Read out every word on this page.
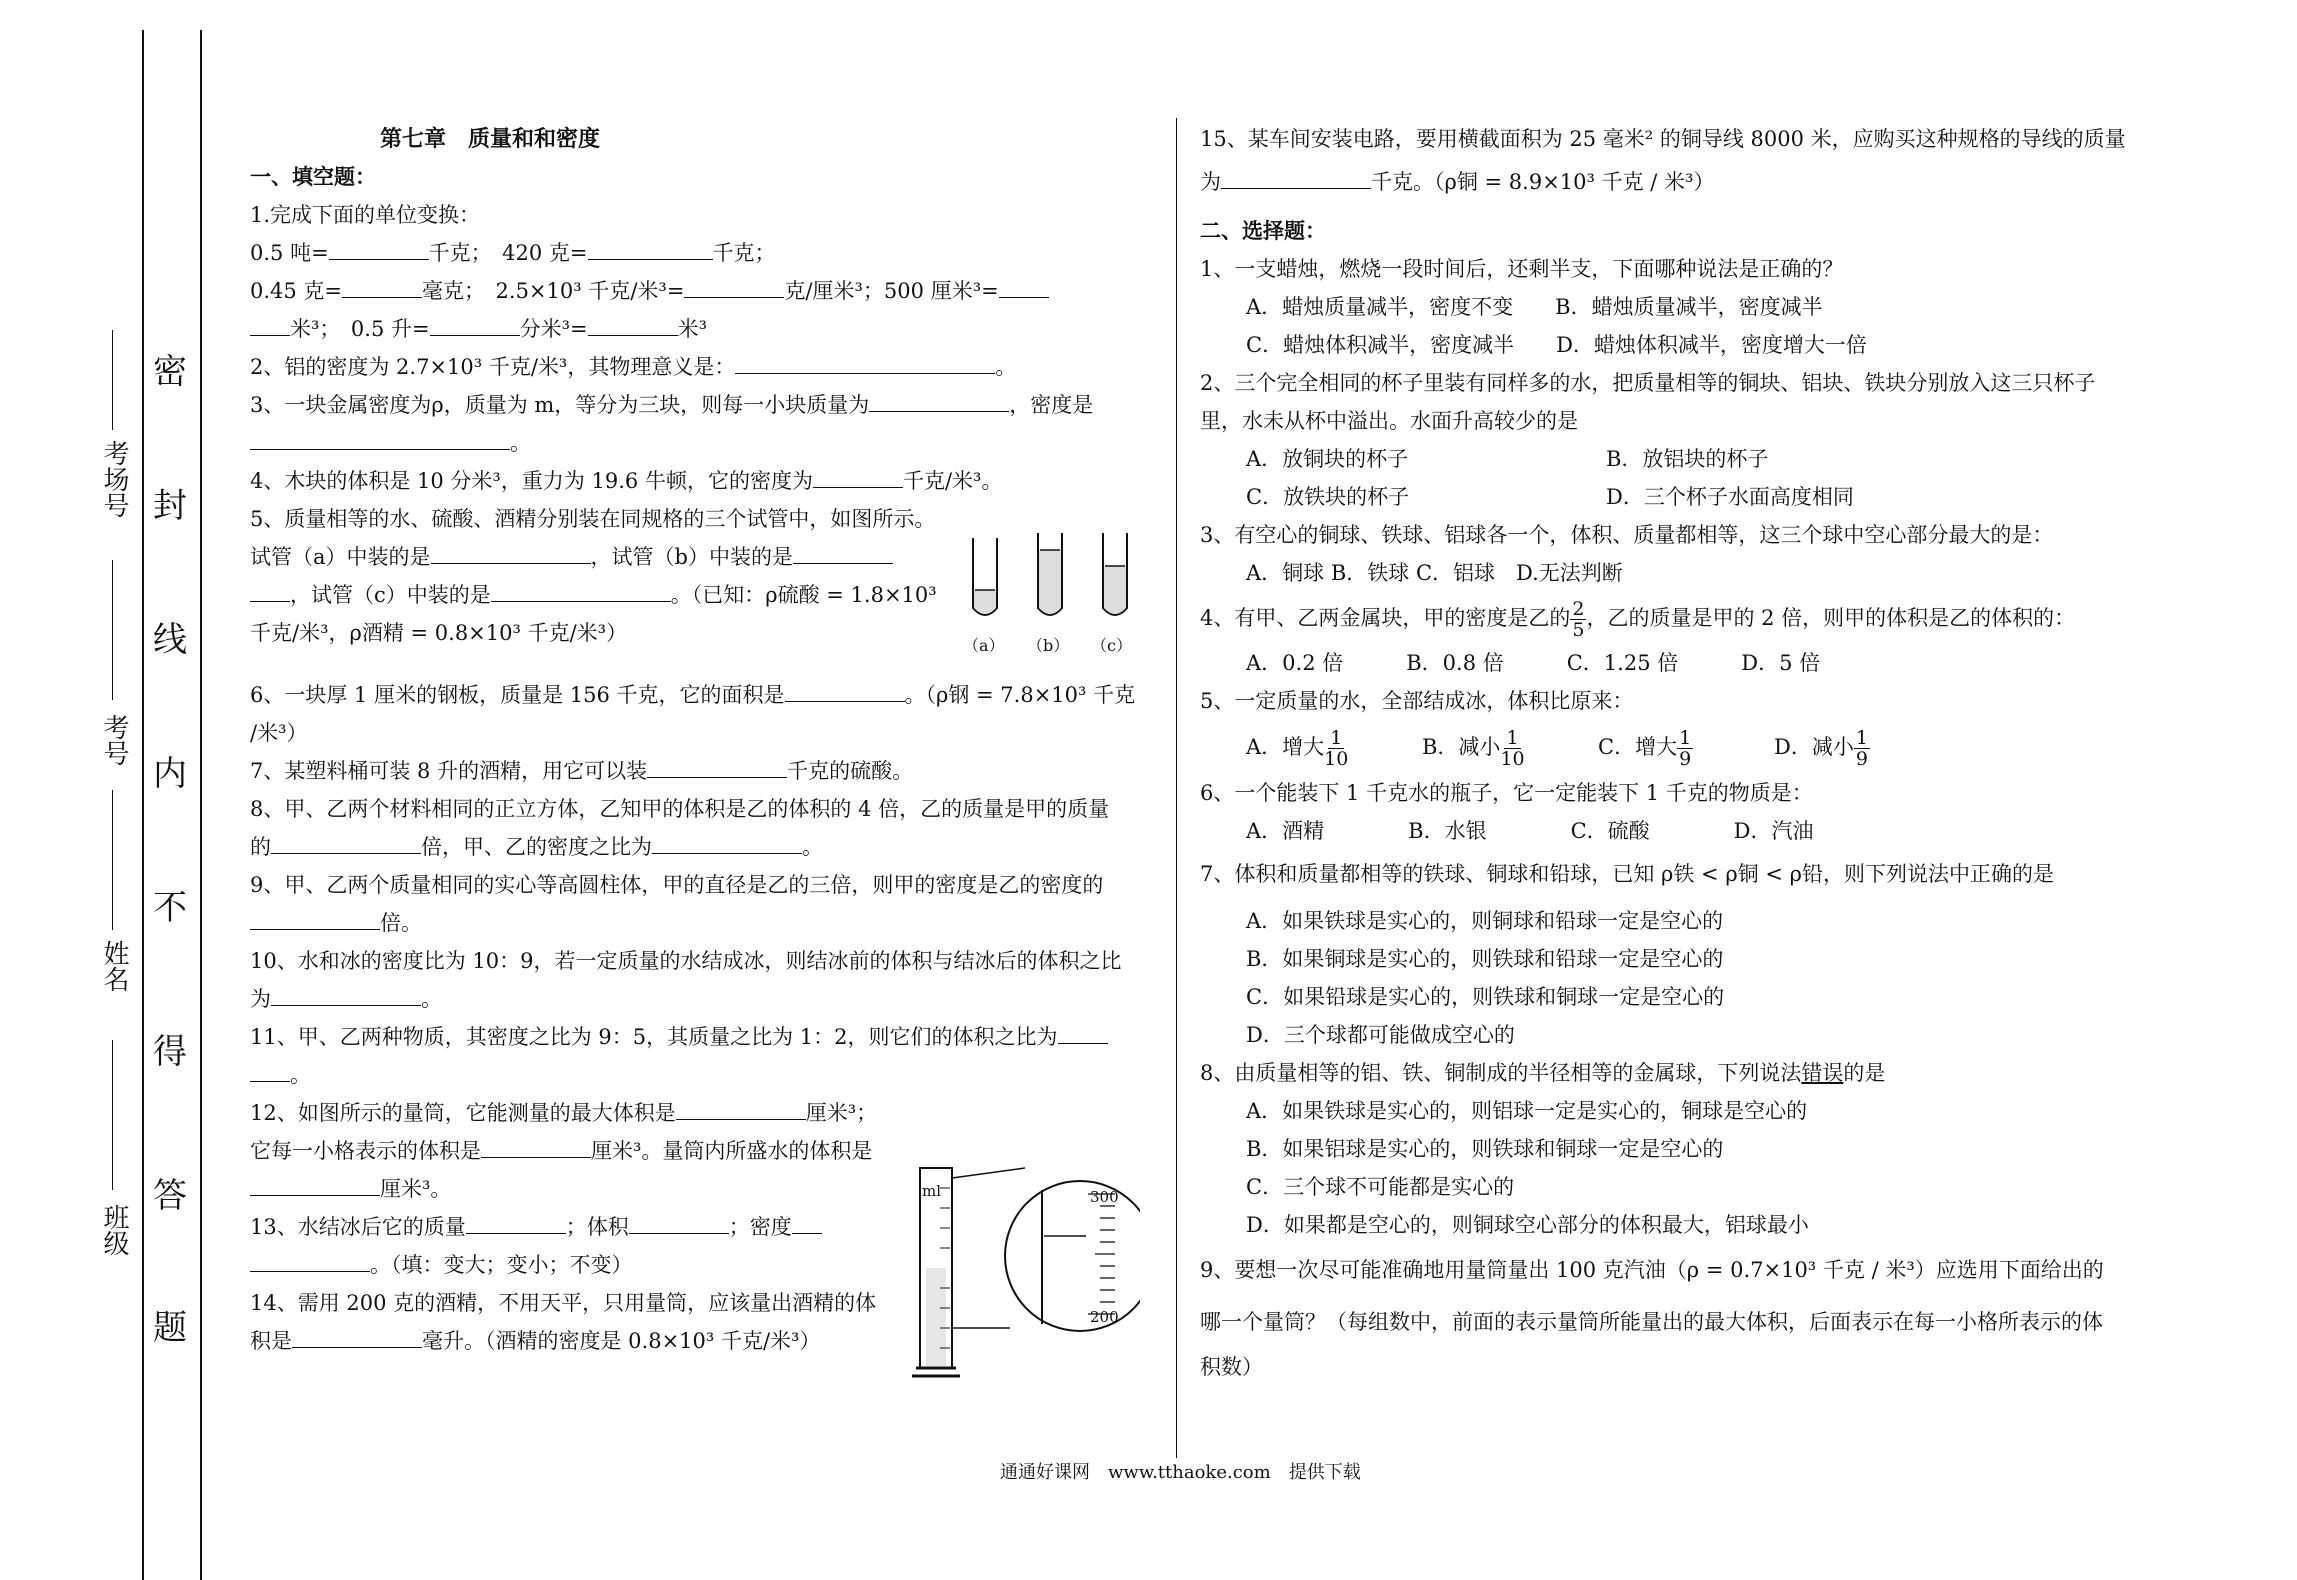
考场号
考号
姓名
班级
密
封
线
内
不
得
答
题

第七章　质量和和密度

一、填空题：

1.完成下面的单位变换：

0.5 吨=	千克；　420 克=	千克；

0.45 克=	毫克；　2.5×10³ 千克/米³=	克/厘米³；500 厘米³=

米³；　0.5 升=	分米³=	米³

2、铝的密度为 2.7×10³ 千克/米³，其物理意义是：	。

3、一块金属密度为ρ，质量为 m，等分为三块，则每一小块质量为	，密度是

。

4、木块的体积是 10 分米³，重力为 19.6 牛顿，它的密度为	千克/米³。

5、质量相等的水、硫酸、酒精分别装在同规格的三个试管中，如图所示。

试管（a）中装的是	，试管（b）中装的是

，试管（c）中装的是	。（已知：ρ硫酸 = 1.8×10³

千克/米³，ρ酒精 = 0.8×10³ 千克/米³）

6、一块厚 1 厘米的钢板，质量是 156 千克，它的面积是	。（ρ钢 = 7.8×10³ 千克

/米³）

7、某塑料桶可装 8 升的酒精，用它可以装	千克的硫酸。

8、甲、乙两个材料相同的正立方体，乙知甲的体积是乙的体积的 4 倍，乙的质量是甲的质量

的	倍，甲、乙的密度之比为	。

9、甲、乙两个质量相同的实心等高圆柱体，甲的直径是乙的三倍，则甲的密度是乙的密度的

倍。

10、水和冰的密度比为 10：9，若一定质量的水结成冰，则结冰前的体积与结冰后的体积之比

为	。

11、甲、乙两种物质，其密度之比为 9：5，其质量之比为 1：2，则它们的体积之比为

。

12、如图所示的量筒，它能测量的最大体积是	厘米³；

它每一小格表示的体积是	厘米³。量筒内所盛水的体积是

厘米³。

13、水结冰后它的质量	；体积	；密度

。（填：变大；变小；不变）

14、需用 200 克的酒精，不用天平，只用量筒，应该量出酒精的体

积是	毫升。（酒精的密度是 0.8×10³ 千克/米³）

（a） （b） （c）
ml	300
200

15、某车间安装电路，要用横截面积为 25 毫米² 的铜导线 8000 米，应购买这种规格的导线的质量

为	千克。（ρ铜 = 8.9×10³ 千克 / 米³）

二、选择题：

1、一支蜡烛，燃烧一段时间后，还剩半支，下面哪种说法是正确的？

A．蜡烛质量减半，密度不变　　B．蜡烛质量减半，密度减半

C．蜡烛体积减半，密度减半　　D．蜡烛体积减半，密度增大一倍

2、三个完全相同的杯子里装有同样多的水，把质量相等的铜块、铝块、铁块分别放入这三只杯子

里，水未从杯中溢出。水面升高较少的是

A．放铜块的杯子	B．放铝块的杯子

C．放铁块的杯子	D．三个杯子水面高度相同

3、有空心的铜球、铁球、铝球各一个，体积、质量都相等，这三个球中空心部分最大的是：

A．铜球 B．铁球 C．铝球　D.无法判断

4、有甲、乙两金属块，甲的密度是乙的 $\frac{2}{5}$ ，乙的质量是甲的 2 倍，则甲的体积是乙的体积的：

A．0.2 倍　　　B．0.8 倍　　　C．1.25 倍　　　D．5 倍

5、一定质量的水，全部结成冰，体积比原来：

A．增大 $\frac{1}{10}$	B．减小 $\frac{1}{10}$	C．增大 $\frac{1}{9}$	D．减小 $\frac{1}{9}$

6、一个能装下 1 千克水的瓶子，它一定能装下 1 千克的物质是：

A．酒精　　　　B．水银　　　　C．硫酸　　　　D．汽油

7、体积和质量都相等的铁球、铜球和铅球，已知 ρ铁 < ρ铜 < ρ铅，则下列说法中正确的是

A．如果铁球是实心的，则铜球和铅球一定是空心的

B．如果铜球是实心的，则铁球和铅球一定是空心的

C．如果铅球是实心的，则铁球和铜球一定是空心的

D．三个球都可能做成空心的

8、由质量相等的铝、铁、铜制成的半径相等的金属球，下列说法错误的是

A．如果铁球是实心的，则铝球一定是实心的，铜球是空心的

B．如果铝球是实心的，则铁球和铜球一定是空心的

C．三个球不可能都是实心的

D．如果都是空心的，则铜球空心部分的体积最大，铝球最小

9、要想一次尽可能准确地用量筒量出 100 克汽油（ρ = 0.7×10³ 千克 / 米³）应选用下面给出的

哪一个量筒？（每组数中，前面的表示量筒所能量出的最大体积，后面表示在每一小格所表示的体

积数）

通通好课网　www.tthaoke.com　提供下载
